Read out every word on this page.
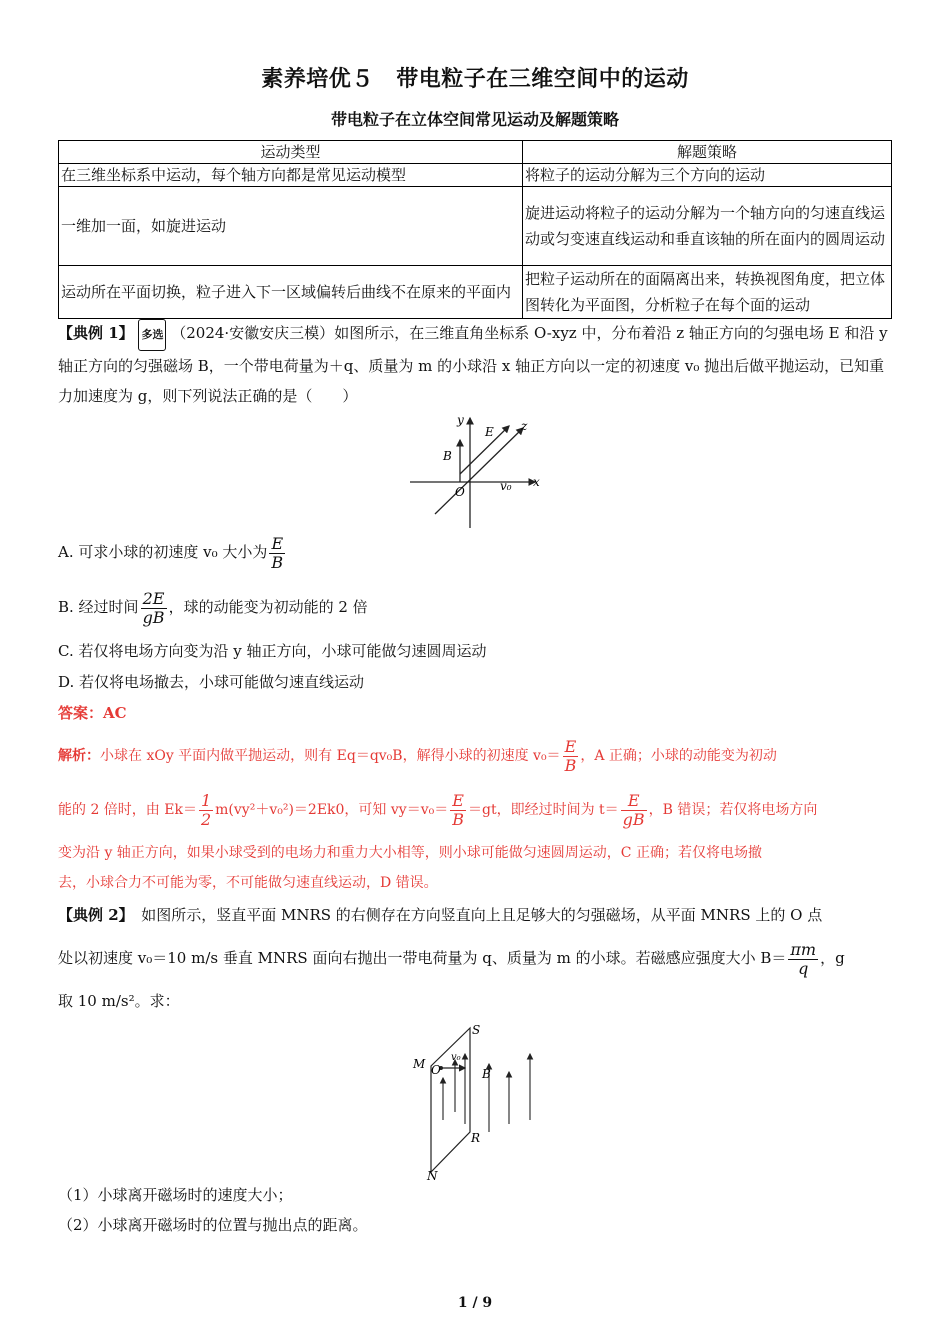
素养培优５　带电粒子在三维空间中的运动
带电粒子在立体空间常见运动及解题策略
运动类型	解题策略
在三维坐标系中运动，每个轴方向都是常见运动模型	将粒子的运动分解为三个方向的运动
一维加一面，如旋进运动	旋进运动将粒子的运动分解为一个轴方向的匀速直线运动或匀变速直线运动和垂直该轴的所在面内的圆周运动
运动所在平面切换，粒子进入下一区域偏转后曲线不在原来的平面内	把粒子运动所在的面隔离出来，转换视图角度，把立体图转化为平面图，分析粒子在每个面的运动
【典例 1】 多选 （2024·安徽安庆三模）如图所示，在三维直角坐标系 O-xyz 中，分布着沿 z 轴正方向的匀强电场 E 和沿 y 轴正方向的匀强磁场 B，一个带电荷量为＋q、质量为 m 的小球沿 x 轴正方向以一定的初速度 v₀ 抛出后做平抛运动，已知重力加速度为 g，则下列说法正确的是（　　）
y	z
E
B
O	v₀ x
A. 可求小球的初速度 v₀ 大小为 $\frac{E}{B}$
B. 经过时间 $\frac{2E}{gB}$ ，球的动能变为初动能的 2 倍
C. 若仅将电场方向变为沿 y 轴正方向，小球可能做匀速圆周运动
D. 若仅将电场撤去，小球可能做匀速直线运动
答案：AC
解析：小球在 xOy 平面内做平抛运动，则有 Eq＝qv₀B，解得小球的初速度 $v_0= \frac{E}{B}$ ，A 正确；小球的动能变为初动
能的 2 倍时，由 $Ek= \frac{1}{2} m(vy^2+v_0^2)=2Ek0$，可知 $vy=v_0= \frac{E}{B} =gt$，即经过时间为 $t= \frac{E}{gB}$ ，B 错误；若仅将电场方向
变为沿 y 轴正方向，如果小球受到的电场力和重力大小相等，则小球可能做匀速圆周运动，C 正确；若仅将电场撤
去，小球合力不可能为零，不可能做匀速直线运动，D 错误。
【典例 2】　 如图所示，竖直平面 MNRS 的右侧存在方向竖直向上且足够大的匀强磁场，从平面 MNRS 上的 O 点
处以初速度 v₀＝10 m/s 垂直 MNRS 面向右抛出一带电荷量为 q、质量为 m 的小球。若磁感应强度大小 $B= \frac{\pi m}{q}$ ，g
取 10 m/s²。求：
S
M O
v₀
B
R
N
（1）小球离开磁场时的速度大小；
（2）小球离开磁场时的位置与抛出点的距离。
1 / 9
